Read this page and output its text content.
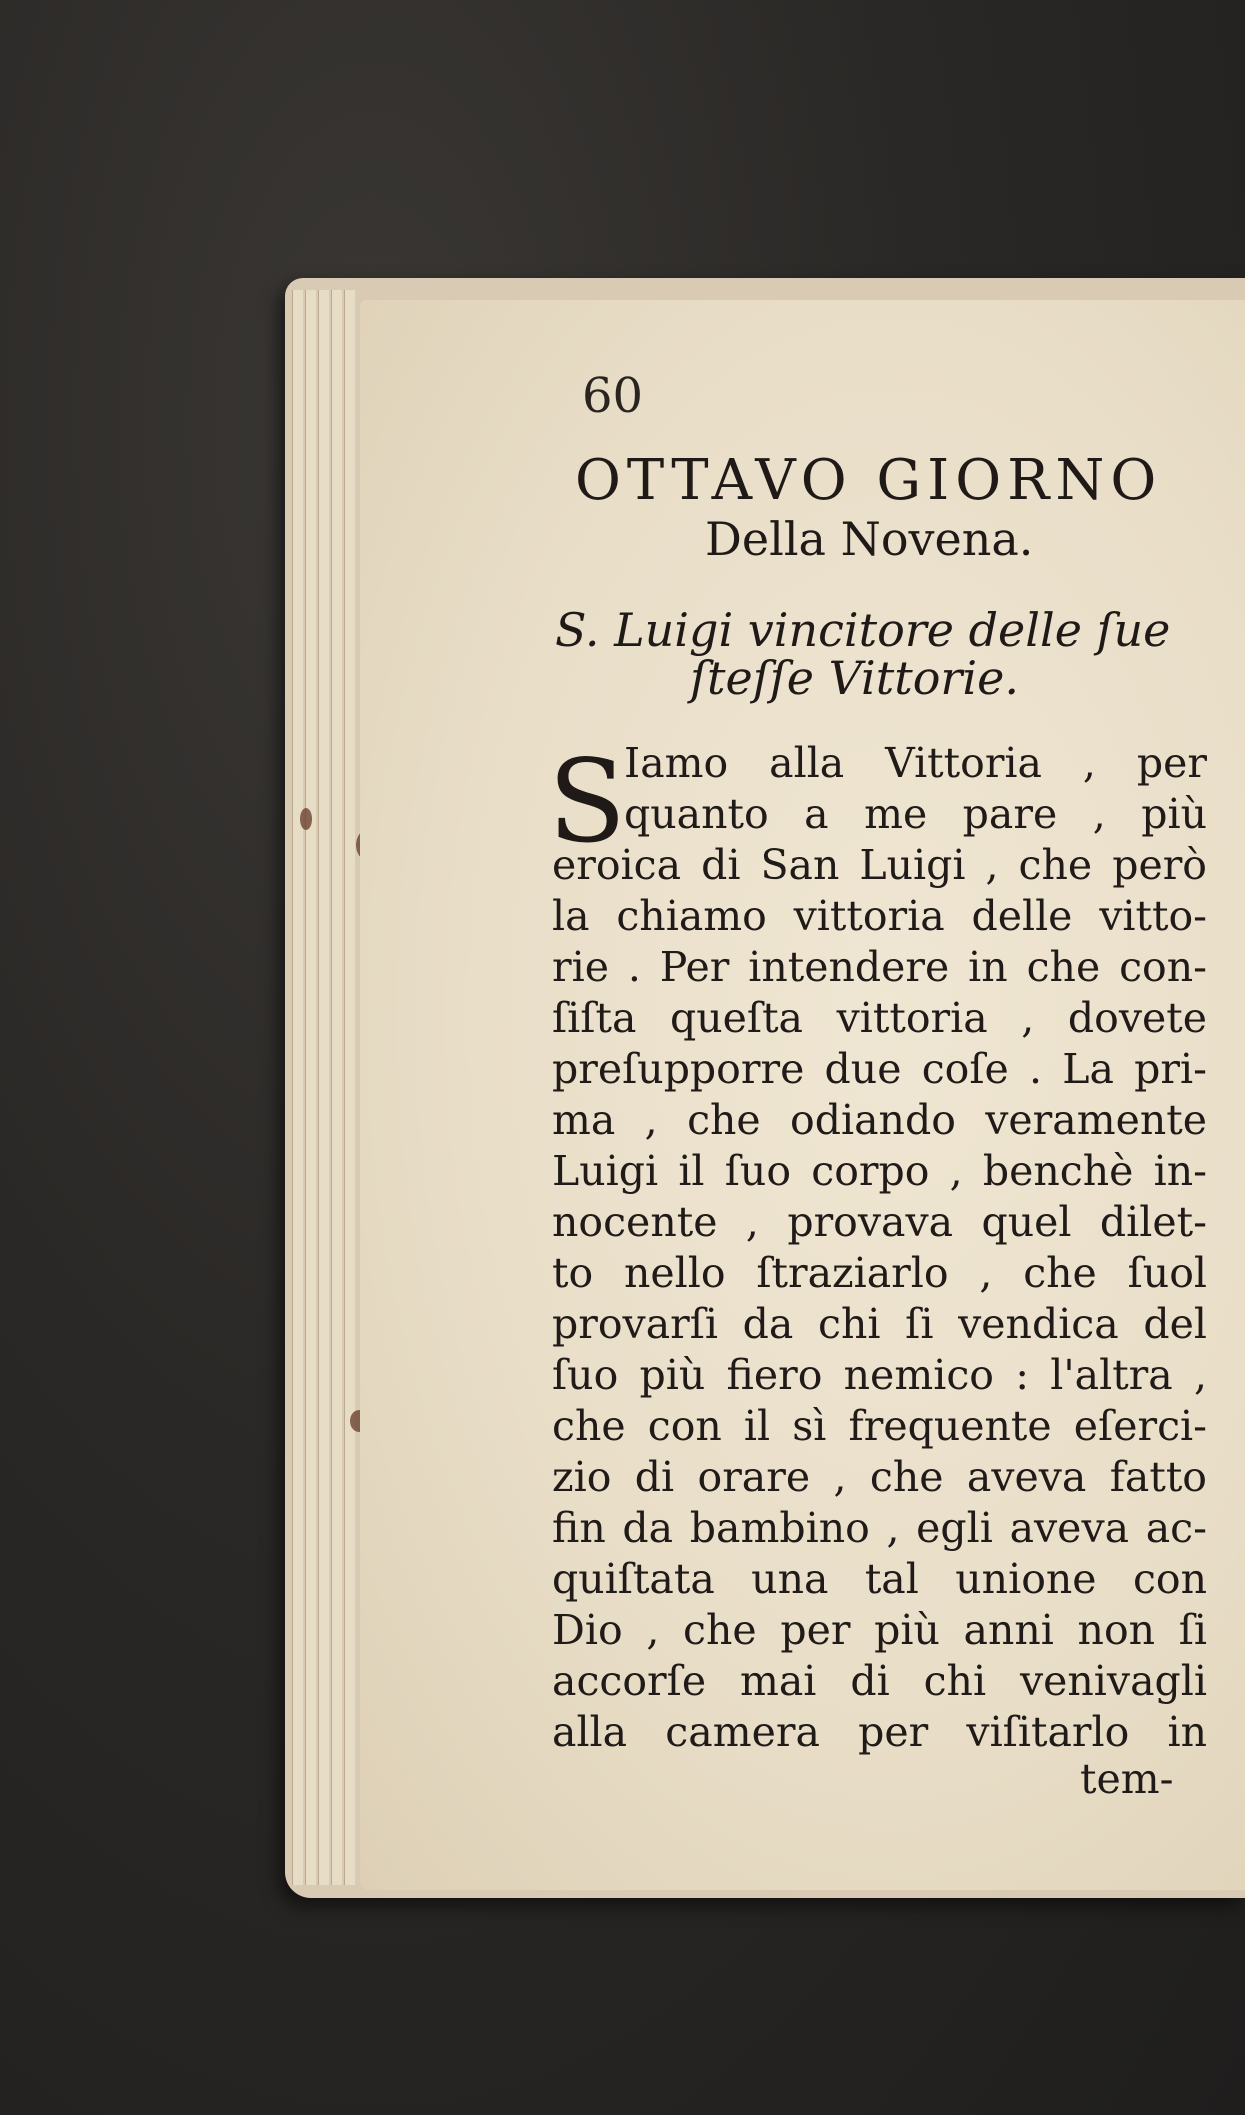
60
OTTAVO GIORNO
Della Novena.
S. Luigi vincitore delle ſue
ſteſſe Vittorie.
S
Iamo alla Vittoria , per
quanto a me pare , più
eroica di San Luigi , che però
la chiamo vittoria delle vitto-
rie . Per intendere in che con-
ſiſta queſta vittoria , dovete
preſupporre due coſe . La pri-
ma , che odiando veramente
Luigi il ſuo corpo , benchè in-
nocente , provava quel dilet-
to nello ſtraziarlo , che ſuol
provarſi da chi ſi vendica del
ſuo più fiero nemico : l'altra ,
che con il sì frequente eſerci-
zio di orare , che aveva fatto
fin da bambino , egli aveva ac-
quiſtata una tal unione con
Dio , che per più anni non ſi
accorſe mai di chi venivagli
alla camera per viſitarlo in
tem-
